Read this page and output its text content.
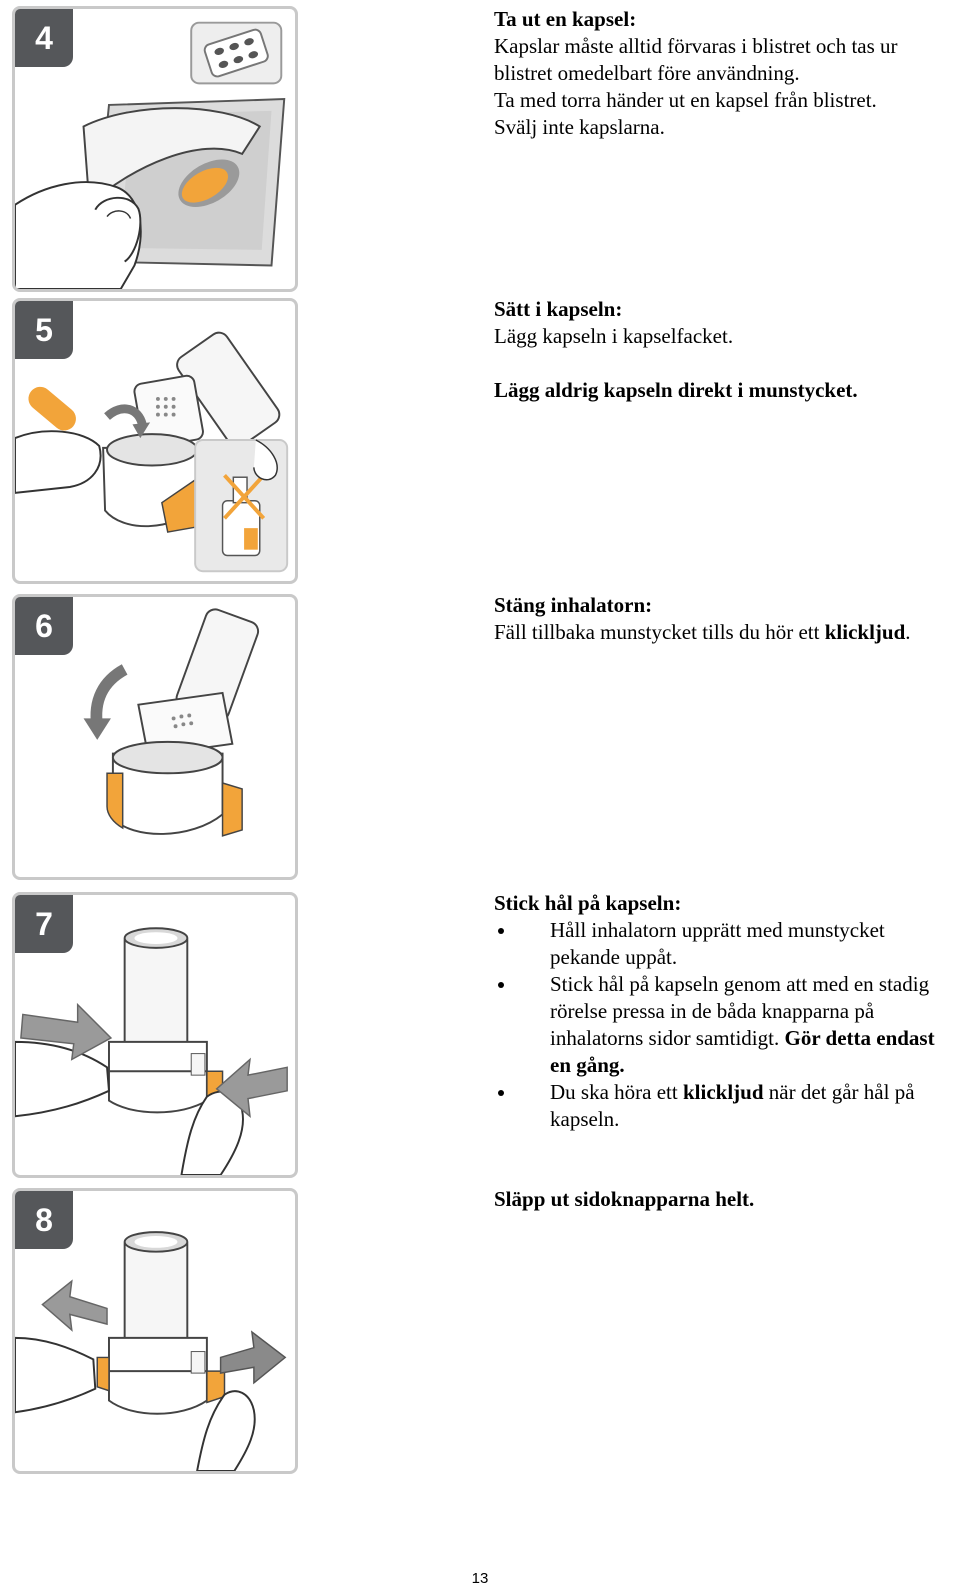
4

Ta ut en kapsel:

Kapslar måste alltid förvaras i blistret och tas ur blistret omedelbart före användning.

Ta med torra händer ut en kapsel från blistret.

Svälj inte kapslarna.

5

Sätt i kapseln:

Lägg kapseln i kapselfacket.

Lägg aldrig kapseln direkt i munstycket.

6

Stäng inhalatorn:

Fäll tillbaka munstycket tills du hör ett klickljud.

7

Stick hål på kapseln:

Håll inhalatorn upprätt med munstycket pekande uppåt.
Stick hål på kapseln genom att med en stadig rörelse pressa in de båda knapparna på inhalatorns sidor samtidigt. Gör detta endast en gång.
Du ska höra ett klickljud när det går hål på kapseln.
8

Släpp ut sidoknapparna helt.

13
